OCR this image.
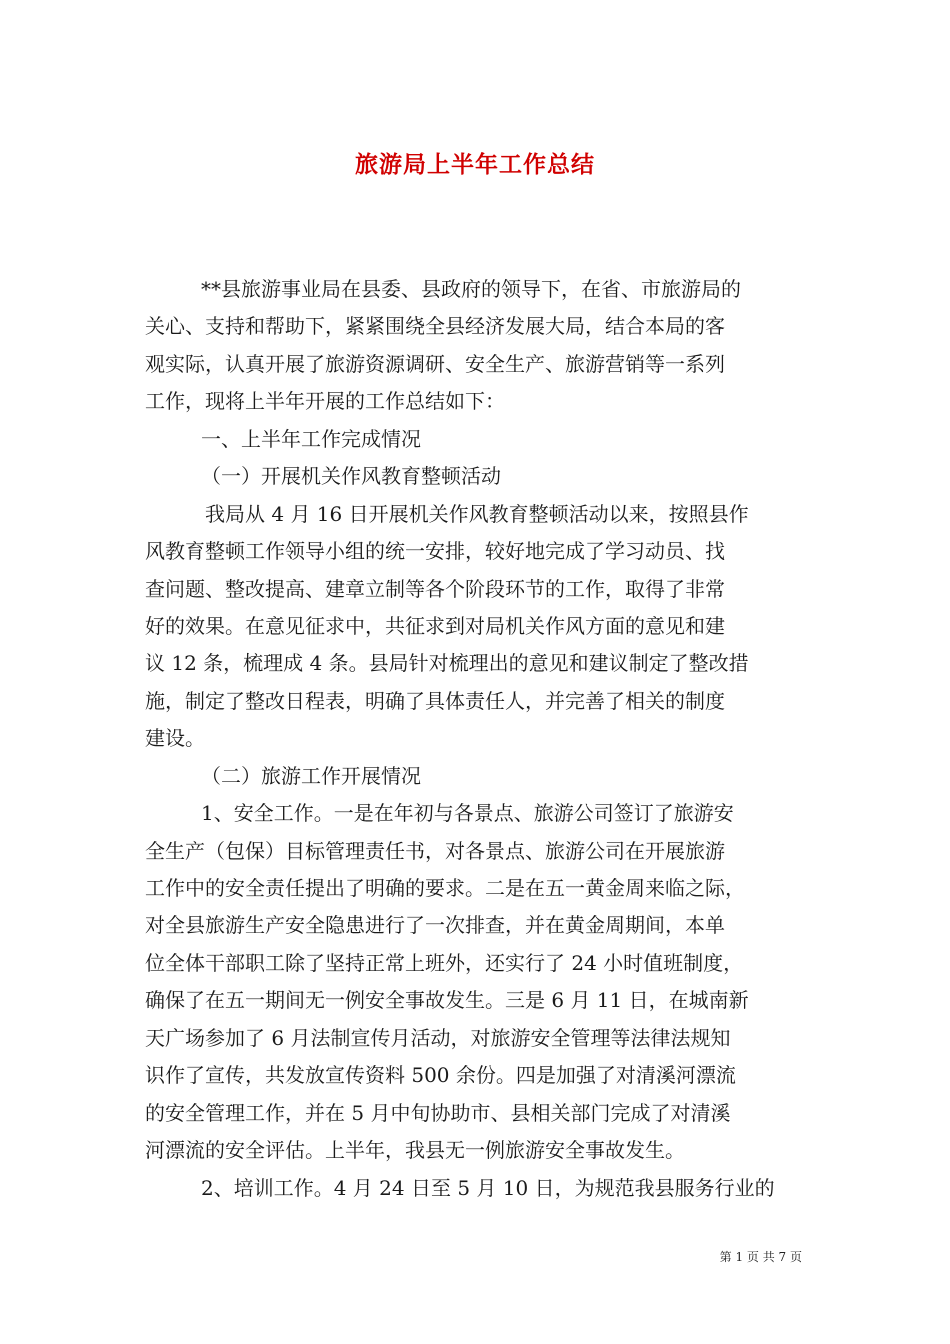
旅游局上半年工作总结
**县旅游事业局在县委、县政府的领导下，在省、市旅游局的
关心、支持和帮助下，紧紧围绕全县经济发展大局，结合本局的客
观实际，认真开展了旅游资源调研、安全生产、旅游营销等一系列
工作，现将上半年开展的工作总结如下：
一、上半年工作完成情况
（一）开展机关作风教育整顿活动
我局从 4 月 16 日开展机关作风教育整顿活动以来，按照县作
风教育整顿工作领导小组的统一安排，较好地完成了学习动员、找
查问题、整改提高、建章立制等各个阶段环节的工作，取得了非常
好的效果。在意见征求中，共征求到对局机关作风方面的意见和建
议 12 条，梳理成 4 条。县局针对梳理出的意见和建议制定了整改措
施，制定了整改日程表，明确了具体责任人，并完善了相关的制度
建设。
（二）旅游工作开展情况
1、安全工作。一是在年初与各景点、旅游公司签订了旅游安
全生产（包保）目标管理责任书，对各景点、旅游公司在开展旅游
工作中的安全责任提出了明确的要求。二是在五一黄金周来临之际，
对全县旅游生产安全隐患进行了一次排查，并在黄金周期间，本单
位全体干部职工除了坚持正常上班外，还实行了 24 小时值班制度，
确保了在五一期间无一例安全事故发生。三是 6 月 11 日，在城南新
天广场参加了 6 月法制宣传月活动，对旅游安全管理等法律法规知
识作了宣传，共发放宣传资料 500 余份。四是加强了对清溪河漂流
的安全管理工作，并在 5 月中旬协助市、县相关部门完成了对清溪
河漂流的安全评估。上半年，我县无一例旅游安全事故发生。
2、培训工作。4 月 24 日至 5 月 10 日，为规范我县服务行业的
第 1 页 共 7 页
